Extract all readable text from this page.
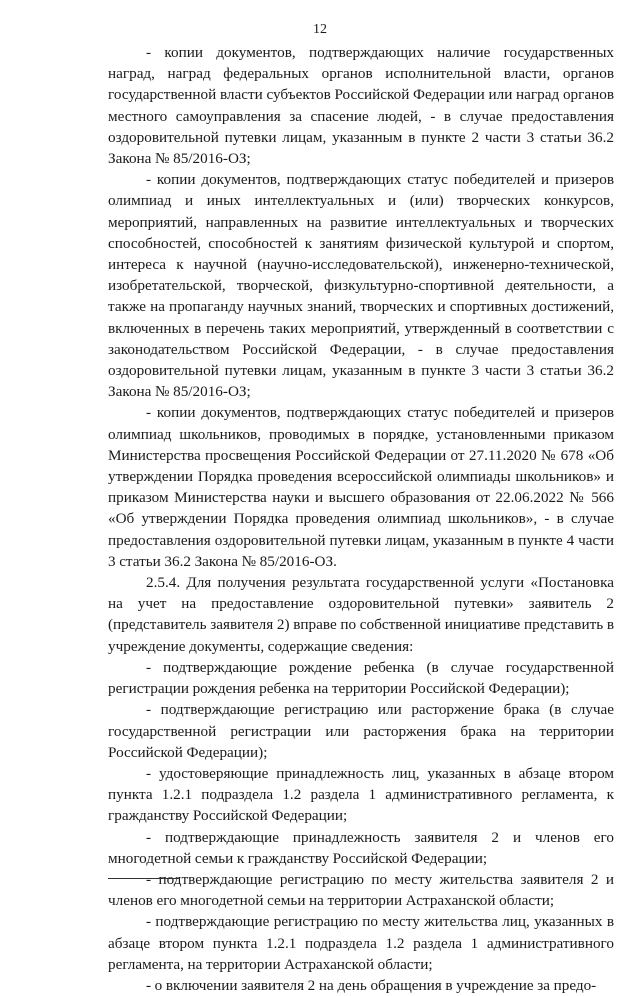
12

- копии документов, подтверждающих наличие государственных наград, наград федеральных органов исполнительной власти, органов государственной власти субъектов Российской Федерации или наград органов местного самоуправления за спасение людей, - в случае предоставления оздоровительной путевки лицам, указанным в пункте 2 части 3 статьи 36.2 Закона № 85/2016-ОЗ;

- копии документов, подтверждающих статус победителей и призеров олимпиад и иных интеллектуальных и (или) творческих конкурсов, мероприятий, направленных на развитие интеллектуальных и творческих способностей, способностей к занятиям физической культурой и спортом, интереса к научной (научно-исследовательской), инженерно-технической, изобретательской, творческой, физкультурно-спортивной деятельности, а также на пропаганду научных знаний, творческих и спортивных достижений, включенных в перечень таких мероприятий, утвержденный в соответствии с законодательством Российской Федерации, - в случае предоставления оздоровительной путевки лицам, указанным в пункте 3 части 3 статьи 36.2 Закона № 85/2016-ОЗ;

- копии документов, подтверждающих статус победителей и призеров олимпиад школьников, проводимых в порядке, установленными приказом Министерства просвещения Российской Федерации от 27.11.2020 № 678 «Об утверждении Порядка проведения всероссийской олимпиады школьников» и приказом Министерства науки и высшего образования от 22.06.2022 № 566 «Об утверждении Порядка проведения олимпиад школьников», - в случае предоставления оздоровительной путевки лицам, указанным в пункте 4 части 3 статьи 36.2 Закона № 85/2016-ОЗ.

2.5.4. Для получения результата государственной услуги «Постановка на учет на предоставление оздоровительной путевки» заявитель 2 (представитель заявителя 2) вправе по собственной инициативе представить в учреждение документы, содержащие сведения:

- подтверждающие рождение ребенка (в случае государственной регистрации рождения ребенка на территории Российской Федерации);

- подтверждающие регистрацию или расторжение брака (в случае государственной регистрации или расторжения брака на территории Российской Федерации);

- удостоверяющие принадлежность лиц, указанных в абзаце втором пункта 1.2.1 подраздела 1.2 раздела 1 административного регламента, к гражданству Российской Федерации;

- подтверждающие принадлежность заявителя 2 и членов его многодетной семьи к гражданству Российской Федерации;

- подтверждающие регистрацию по месту жительства заявителя 2 и членов его многодетной семьи на территории Астраханской области;

- подтверждающие регистрацию по месту жительства лиц, указанных в абзаце втором пункта 1.2.1 подраздела 1.2 раздела 1 административного регламента, на территории Астраханской области;

- о включении заявителя 2 на день обращения в учреждение за предо-
